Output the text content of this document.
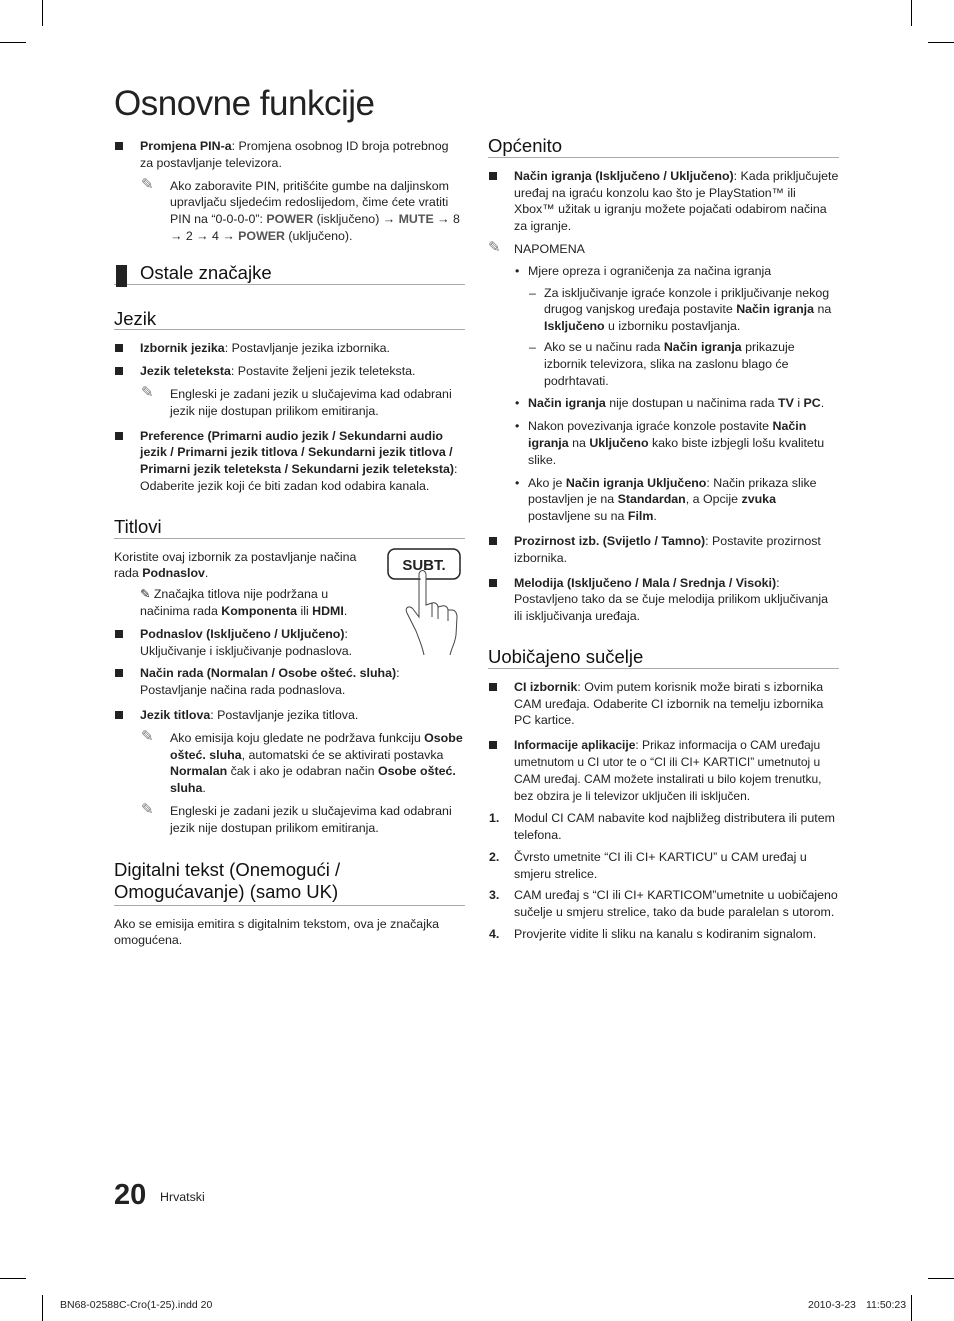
Osnovne funkcije
Promjena PIN-a: Promjena osobnog ID broja potrebnog za postavljanje televizora.
✎ Ako zaboravite PIN, pritišćite gumbe na daljinskom upravljaču sljedećim redoslijedom, čime ćete vratiti PIN na “0-0-0-0”: POWER (isključeno) → MUTE → 8 → 2 → 4 → POWER (uključeno).
Ostale značajke
Jezik
Izbornik jezika: Postavljanje jezika izbornika.
Jezik teleteksta: Postavite željeni jezik teleteksta.
✎ Engleski je zadani jezik u slučajevima kad odabrani jezik nije dostupan prilikom emitiranja.
Preference (Primarni audio jezik / Sekundarni audio jezik / Primarni jezik titlova / Sekundarni jezik titlova / Primarni jezik teleteksta / Sekundarni jezik teleteksta): Odaberite jezik koji će biti zadan kod odabira kanala.
Titlovi
Koristite ovaj izbornik za postavljanje načina rada Podnaslov.
✎ Značajka titlova nije podržana u načinima rada Komponenta ili HDMI.
Podnaslov (Isključeno / Uključeno): Uključivanje i isključivanje podnaslova.
SUBT.
Način rada (Normalan / Osobe ošteć. sluha): Postavljanje načina rada podnaslova.
Jezik titlova: Postavljanje jezika titlova.
✎ Ako emisija koju gledate ne podržava funkciju Osobe oštеć. sluha, automatski će se aktivirati postavka Normalan čak i ako je odabran način Osobe oštеć. sluha.
✎ Engleski je zadani jezik u slučajevima kad odabrani jezik nije dostupan prilikom emitiranja.
Digitalni tekst (Onemogući / Omogućavanje) (samo UK)
Ako se emisija emitira s digitalnim tekstom, ova je značajka omogućena.
Općenito
Način igranja (Isključeno / Uključeno): Kada priključujete uređaj na igraću konzolu kao što je PlayStation™ ili Xbox™ užitak u igranju možete pojačati odabirom načina za igranje.
✎ NAPOMENA
• Mjere opreza i ograničenja za načina igranja
– Za isključivanje igraće konzole i priključivanje nekog drugog vanjskog uređaja postavite Način igranja na Isključeno u izborniku postavljanja.
– Ako se u načinu rada Način igranja prikazuje izbornik televizora, slika na zaslonu blago će podrhtavati.
• Način igranja nije dostupan u načinima rada TV i PC.
• Nakon povezivanja igraće konzole postavite Način igranja na Uključeno kako biste izbjegli lošu kvalitetu slike.
• Ako je Način igranja Uključeno: Način prikaza slike postavljen je na Standardan, a Opcije zvuka postavljene su na Film.
Prozirnost izb. (Svijetlo / Tamno): Postavite prozirnost izbornika.
Melodija (Isključeno / Mala / Srednja / Visoki): Postavljeno tako da se čuje melodija prilikom uključivanja ili isključivanja uređaja.
Uobičajeno sučelje
CI izbornik: Ovim putem korisnik može birati s izbornika CAM uređaja. Odaberite CI izbornik na temelju izbornika PC kartice.
Informacije aplikacije: Prikaz informacija o CAM uređaju umetnutom u CI utor te o “CI ili CI+ KARTICI” umetnutoj u CAM uređaj. CAM možete instalirati u bilo kojem trenutku, bez obzira je li televizor uključen ili isključen.
1. Modul CI CAM nabavite kod najbližeg distributera ili putem telefona.
2. Čvrsto umetnite “CI ili CI+ KARTICU” u CAM uređaj u smjeru strelice.
3. CAM uređaj s “CI ili CI+ KARTICOM”umetnite u uobičajeno sučelje u smjeru strelice, tako da bude paralelan s utorom.
4. Provjerite vidite li sliku na kanalu s kodiranim signalom.
20 Hrvatski
BN68-02588C-Cro(1-25).indd 20	2010-3-23 11:50:23
